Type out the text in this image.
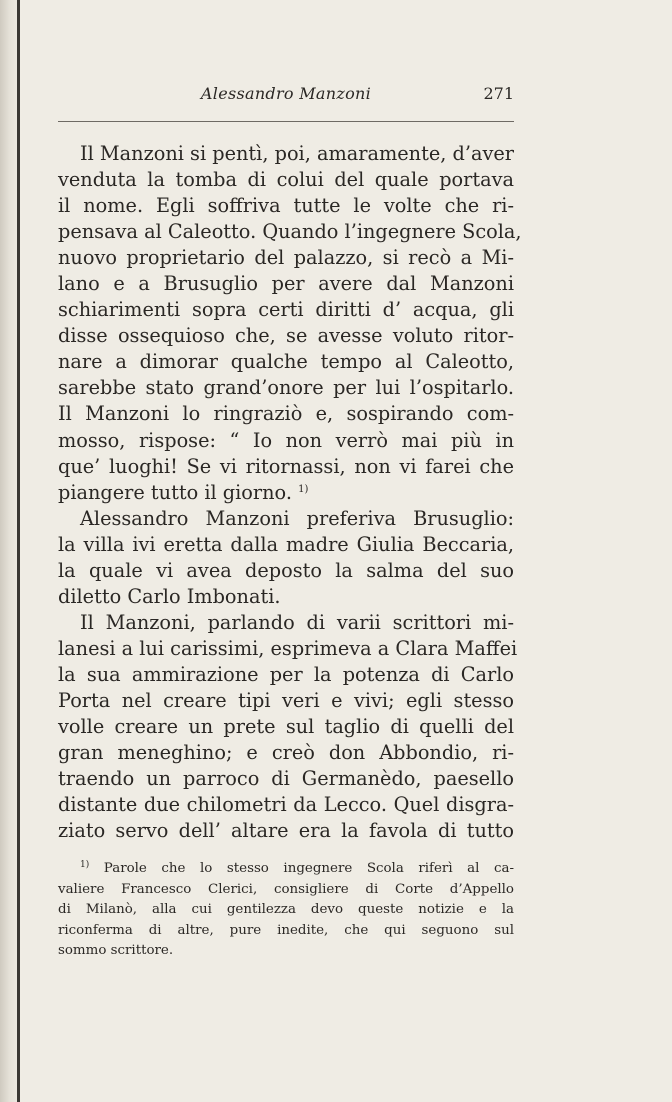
Alessandro Manzoni	271
Il Manzoni si pentì, poi, amaramente, d’aver
venduta la tomba di colui del quale portava
il nome. Egli soffriva tutte le volte che ri-
pensava al Caleotto. Quando l’ingegnere Scola,
nuovo proprietario del palazzo, si recò a Mi-
lano e a Brusuglio per avere dal Manzoni
schiarimenti sopra certi diritti d’ acqua, gli
disse ossequioso che, se avesse voluto ritor-
nare a dimorar qualche tempo al Caleotto,
sarebbe stato grand’onore per lui l’ospitarlo.
Il Manzoni lo ringraziò e, sospirando com-
mosso, rispose: “ Io non verrò mai più in
que’ luoghi! Se vi ritornassi, non vi farei che
piangere tutto il giorno. $^{1)}$
Alessandro Manzoni preferiva Brusuglio:
la villa ivi eretta dalla madre Giulia Beccaria,
la quale vi avea deposto la salma del suo
diletto Carlo Imbonati.
Il Manzoni, parlando di varii scrittori mi-
lanesi a lui carissimi, esprimeva a Clara Maffei
la sua ammirazione per la potenza di Carlo
Porta nel creare tipi veri e vivi; egli stesso
volle creare un prete sul taglio di quelli del
gran meneghino; e creò don Abbondio, ri-
traendo un parroco di Germanèdo, paesello
distante due chilometri da Lecco. Quel disgra-
ziato servo dell’ altare era la favola di tutto
$^{1)}$ Parole che lo stesso ingegnere Scola riferì al ca-
valiere Francesco Clerici, consigliere di Corte d’Appello
di Milanò, alla cui gentilezza devo queste notizie e la
riconferma di altre, pure inedite, che qui seguono sul
sommo scrittore.
